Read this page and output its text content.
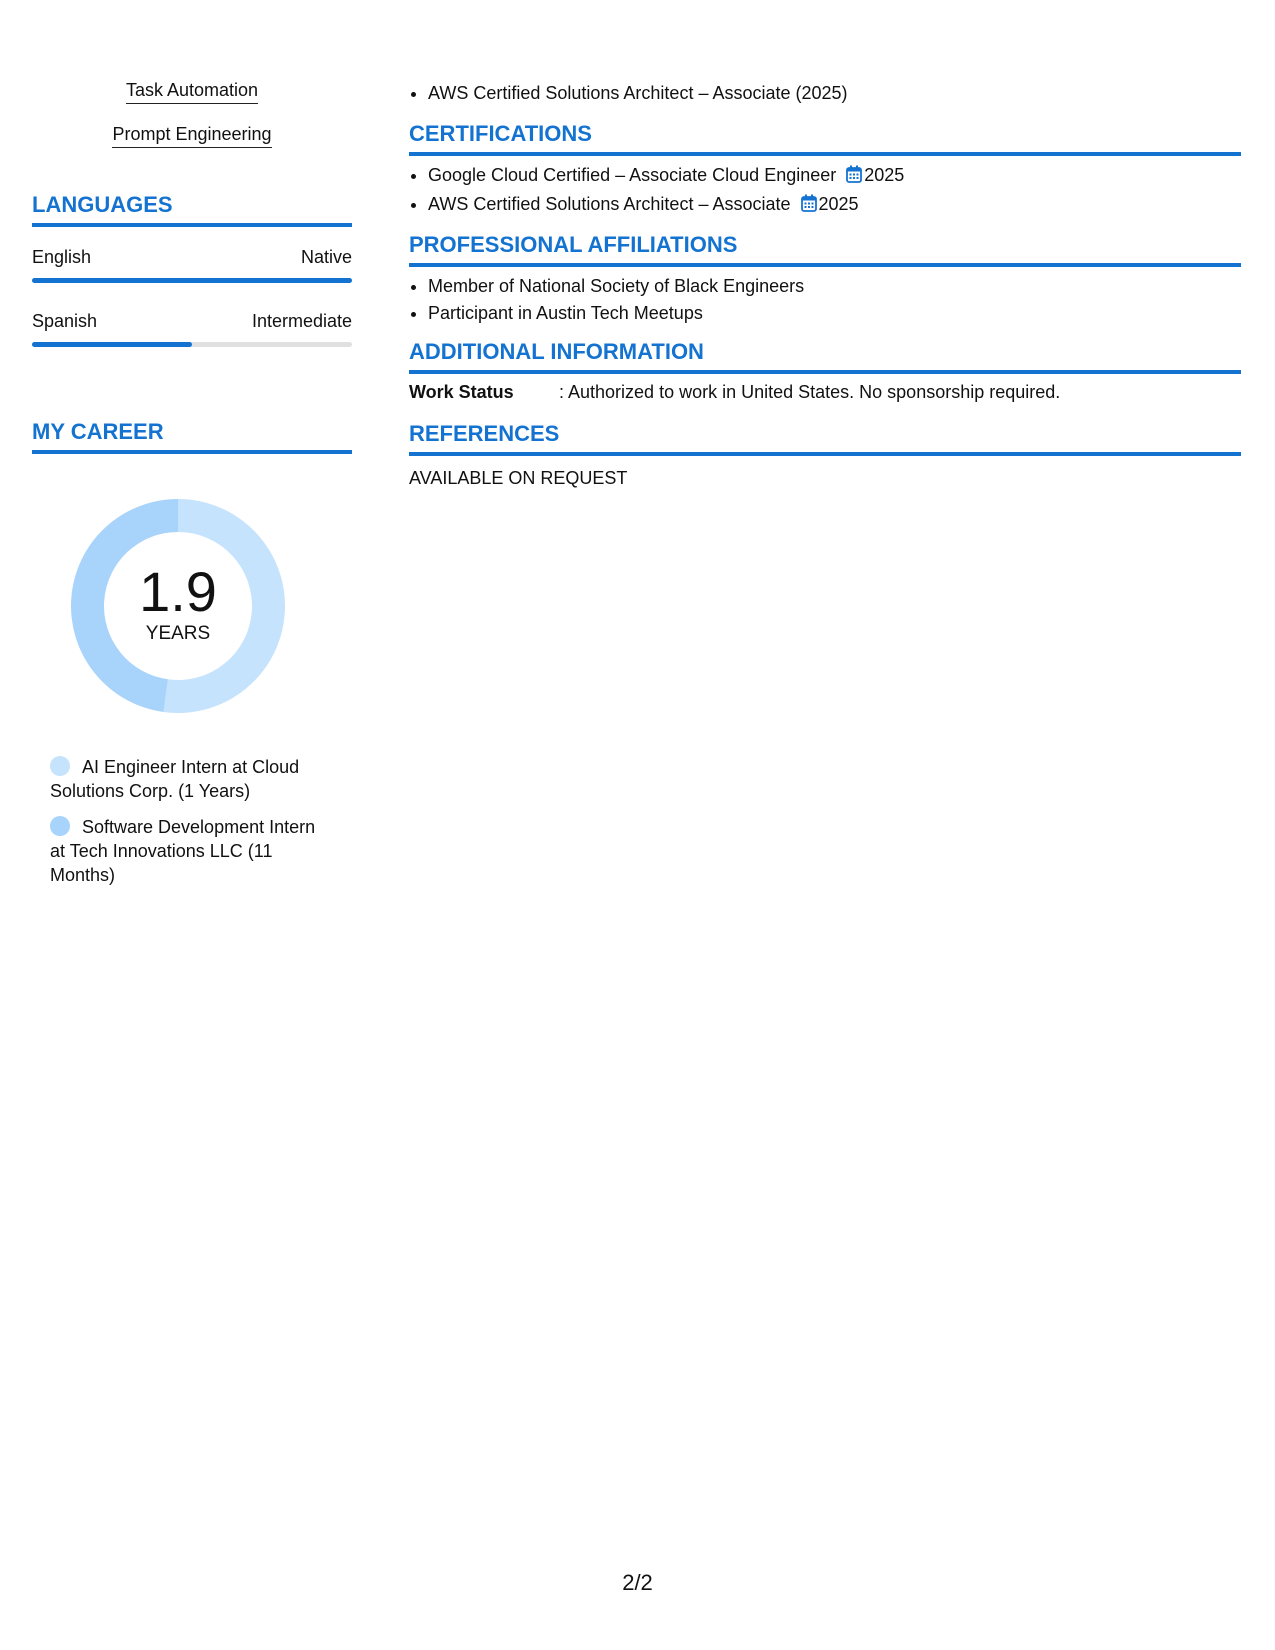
Task Automation
Prompt Engineering
LANGUAGES
English	Native
Spanish	Intermediate
MY CAREER
1.9
YEARS
AI Engineer Intern at Cloud Solutions Corp. (1 Years)
Software Development Intern at Tech Innovations LLC (11 Months)
• AWS Certified Solutions Architect – Associate (2025)
CERTIFICATIONS
• Google Cloud Certified – Associate Cloud Engineer 2025
• AWS Certified Solutions Architect – Associate 2025
PROFESSIONAL AFFILIATIONS
• Member of National Society of Black Engineers
• Participant in Austin Tech Meetups
ADDITIONAL INFORMATION
Work Status	: Authorized to work in United States. No sponsorship required.
REFERENCES
AVAILABLE ON REQUEST
2/2
